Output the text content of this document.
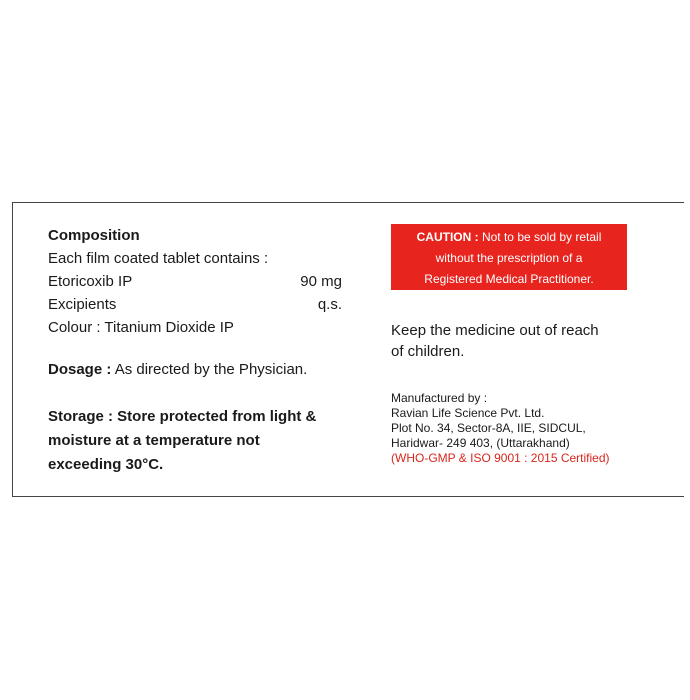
Composition
Each film coated tablet contains :
Etoricoxib IP	90 mg
Excipients	q.s.
Colour : Titanium Dioxide IP
Dosage : As directed by the Physician.
Storage : Store protected from light &
moisture at a temperature not
exceeding 30°C.
CAUTION : Not to be sold by retail
without the prescription of a
Registered Medical Practitioner.
Keep the medicine out of reach
of children.
Manufactured by :
Ravian Life Science Pvt. Ltd.
Plot No. 34, Sector-8A, IIE, SIDCUL,
Haridwar- 249 403, (Uttarakhand)
(WHO-GMP & ISO 9001 : 2015 Certified)
